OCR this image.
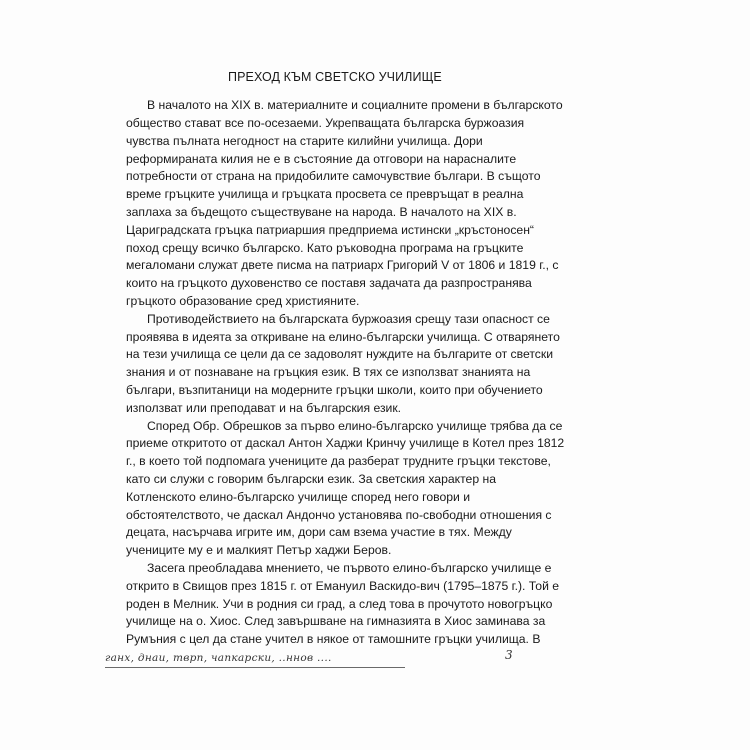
ПРЕХОД КЪМ СВЕТСКО УЧИЛИЩЕ
В началото на XIX в. материалните и социалните промени в българското
общество стават все по-осезаеми. Укрепващата българска буржоазия
чувства пълната негодност на старите килийни училища. Дори
реформираната килия не е в състояние да отговори на нарасналите
потребности от страна на придобилите самочувствие българи. В същото
време гръцките училища и гръцката просвета се превръщат в реална
заплаха за бъдещото съществуване на народа. В началото на XIX в.
Цариградската гръцка патриаршия предприема истински „кръстоносен“
поход срещу всичко българско. Като ръководна програма на гръцките
мегаломани служат двете писма на патриарх Григорий V от 1806 и 1819 г., с
които на гръцкото духовенство се поставя задачата да разпространява
гръцкото образование сред християните.
Противодействието на българската буржоазия срещу тази опасност се
проявява в идеята за откриване на елино-български училища. С отварянето
на тези училища се цели да се задоволят нуждите на българите от светски
знания и от познаване на гръцкия език. В тях се използват знанията на
българи, възпитаници на модерните гръцки школи, които при обучението
използват или преподават и на българския език.
Според Обр. Обрешков за първо елино-българско училище трябва да се
приеме откритото от даскал Антон Хаджи Кринчу училище в Котел през 1812
г., в което той подпомага учениците да разберат трудните гръцки текстове,
като си служи с говорим български език. За светския характер на
Котленското елино-българско училище според него говори и
обстоятелството, че даскал Андончо установява по-свободни отношения с
децата, насърчава игрите им, дори сам взема участие в тях. Между
учениците му е и малкият Петър хаджи Беров.
Засега преобладава мнението, че първото елино-българско училище е
открито в Свищов през 1815 г. от Емануил Васкидо-вич (1795–1875 г.). Той е
роден в Мелник. Учи в родния си град, а след това в прочутото новогръцко
училище на о. Хиос. След завършване на гимназията в Хиос заминава за
Румъния с цел да стане учител в някое от тамошните гръцки училища. В
ганх, днаи, тврп, чапкарски, ..ннов ....	3
